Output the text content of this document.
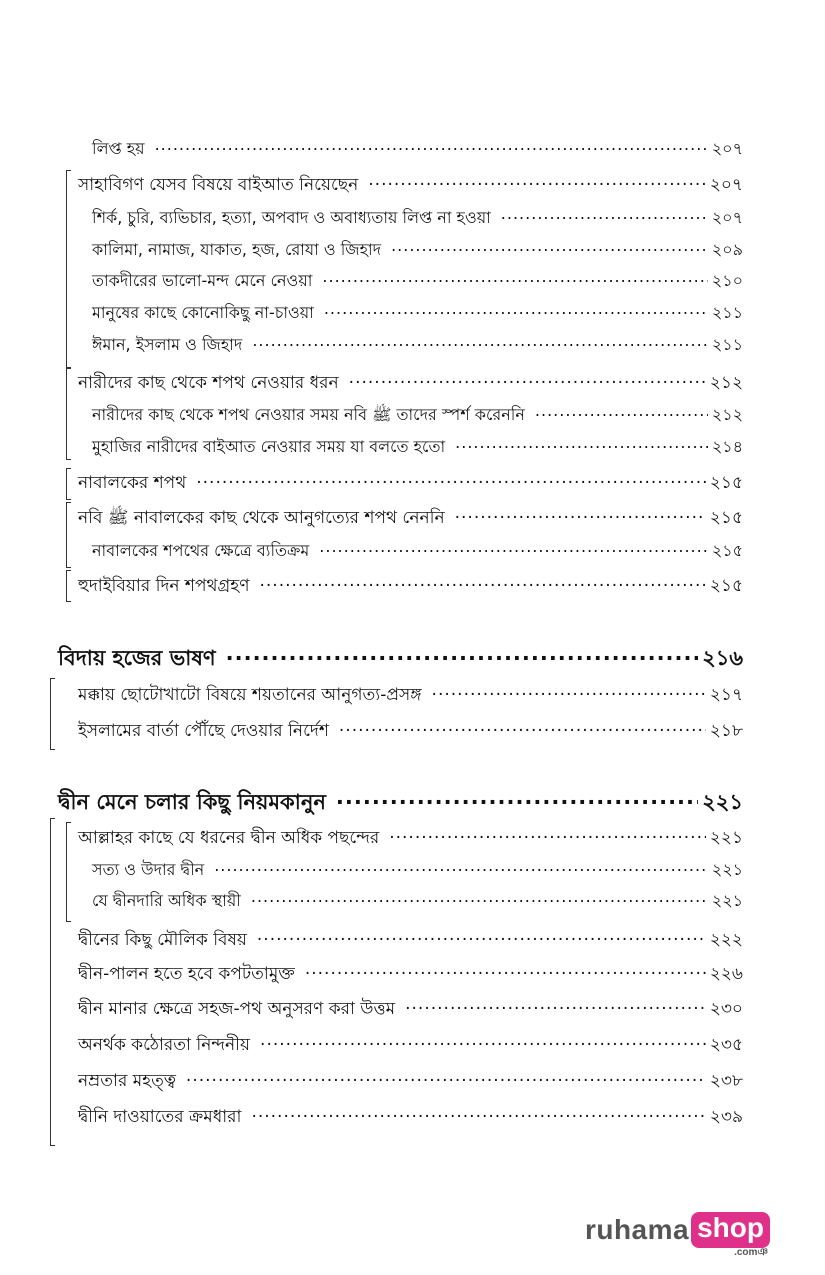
লিপ্ত হয় .....	২০৭
সাহাবিগণ যেসব বিষয়ে বাইআত নিয়েছেন .....	২০৭
শির্ক, চুরি, ব্যভিচার, হত্যা, অপবাদ ও অবাধ্যতায় লিপ্ত না হওয়া .....	২০৭
কালিমা, নামাজ, যাকাত, হজ, রোযা ও জিহাদ .....	২০৯
তাকদীরের ভালো-মন্দ মেনে নেওয়া .....	২১০
মানুষের কাছে কোনোকিছু না-চাওয়া .....	২১১
ঈমান, ইসলাম ও জিহাদ .....	২১১
নারীদের কাছ থেকে শপথ নেওয়ার ধরন .....	২১২
নারীদের কাছ থেকে শপথ নেওয়ার সময় নবি ﷺ তাদের স্পর্শ করেননি .....	২১২
মুহাজির নারীদের বাইআত নেওয়ার সময় যা বলতে হতো .....	২১৪
নাবালকের শপথ .....	২১৫
নবি ﷺ নাবালকের কাছ থেকে আনুগত্যের শপথ নেননি .....	২১৫
নাবালকের শপথের ক্ষেত্রে ব্যতিক্রম .....	২১৫
হুদাইবিয়ার দিন শপথগ্রহণ .....	২১৫
বিদায় হজের ভাষণ .....	২১৬
মক্কায় ছোটোখাটো বিষয়ে শয়তানের আনুগত্য-প্রসঙ্গ .....	২১৭
ইসলামের বার্তা পৌঁছে দেওয়ার নির্দেশ .....	২১৮
দ্বীন মেনে চলার কিছু নিয়মকানুন .....	২২১
আল্লাহর কাছে যে ধরনের দ্বীন অধিক পছন্দের .....	২২১
সত্য ও উদার দ্বীন .....	২২১
যে দ্বীনদারি অধিক স্থায়ী .....	২২১
দ্বীনের কিছু মৌলিক বিষয় .....	২২২
দ্বীন-পালন হতে হবে কপটতামুক্ত .....	২২৬
দ্বীন মানার ক্ষেত্রে সহজ-পথ অনুসরণ করা উত্তম .....	২৩০
অনর্থক কঠোরতা নিন্দনীয় .....	২৩৫
নম্রতার মহত্ত্ব .....	২৩৮
দ্বীনি দাওয়াতের ক্রমধারা .....	২৩৯
ruhama shop
.comঞ
